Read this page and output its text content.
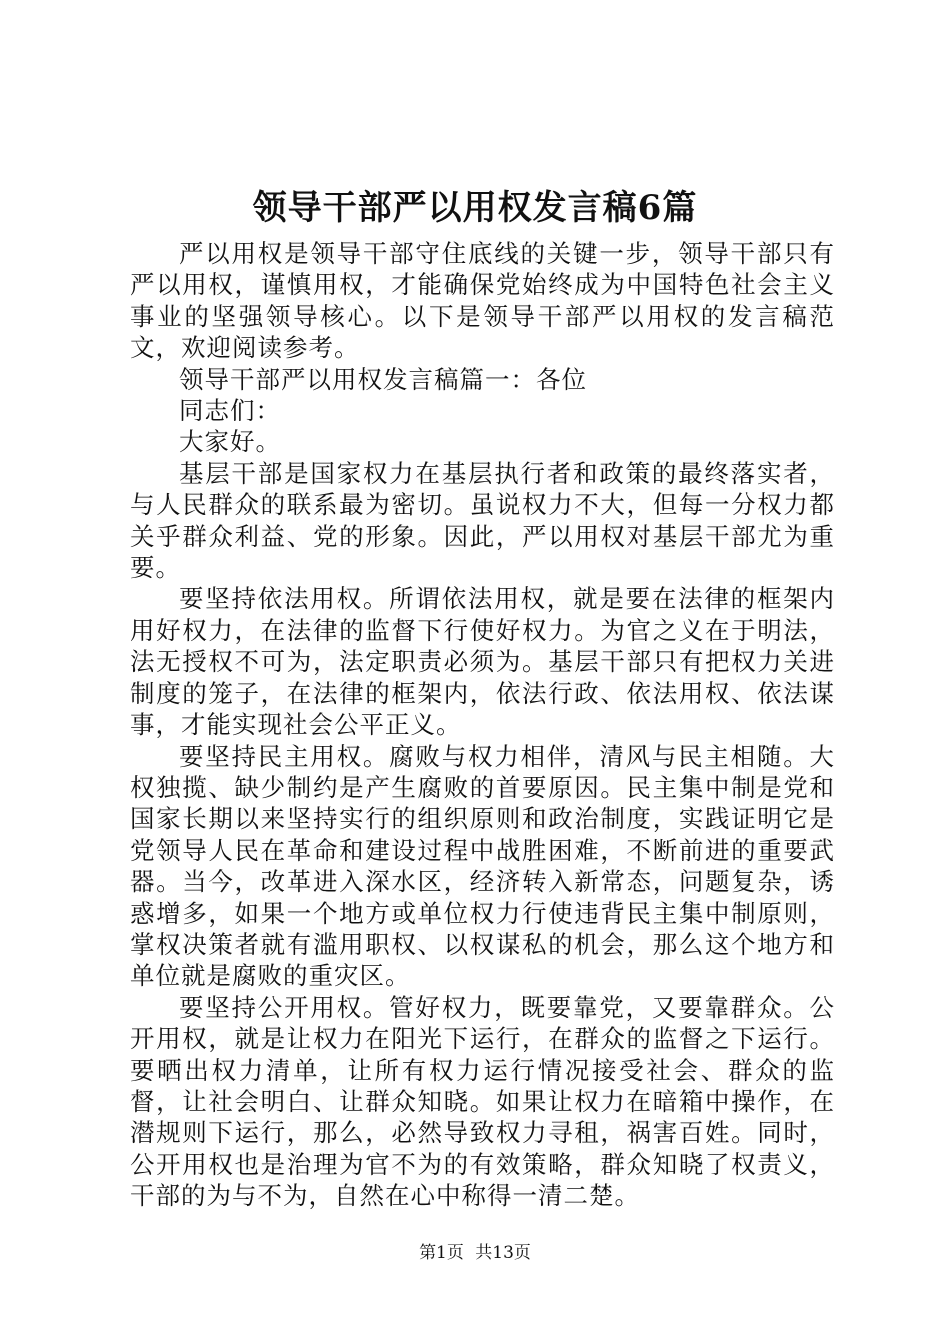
领导干部严以用权发言稿6篇

严以用权是领导干部守住底线的关键一步，领导干部只有严以用权，谨慎用权，才能确保党始终成为中国特色社会主义事业的坚强领导核心。以下是领导干部严以用权的发言稿范文，欢迎阅读参考。

领导干部严以用权发言稿篇一：各位

同志们：

大家好。

基层干部是国家权力在基层执行者和政策的最终落实者，与人民群众的联系最为密切。虽说权力不大，但每一分权力都关乎群众利益、党的形象。因此，严以用权对基层干部尤为重要。

要坚持依法用权。所谓依法用权，就是要在法律的框架内用好权力，在法律的监督下行使好权力。为官之义在于明法，法无授权不可为，法定职责必须为。基层干部只有把权力关进制度的笼子，在法律的框架内，依法行政、依法用权、依法谋事，才能实现社会公平正义。

要坚持民主用权。腐败与权力相伴，清风与民主相随。大权独揽、缺少制约是产生腐败的首要原因。民主集中制是党和国家长期以来坚持实行的组织原则和政治制度，实践证明它是党领导人民在革命和建设过程中战胜困难，不断前进的重要武器。当今，改革进入深水区，经济转入新常态，问题复杂，诱惑增多，如果一个地方或单位权力行使违背民主集中制原则，掌权决策者就有滥用职权、以权谋私的机会，那么这个地方和单位就是腐败的重灾区。

要坚持公开用权。管好权力，既要靠党，又要靠群众。公开用权，就是让权力在阳光下运行，在群众的监督之下运行。要晒出权力清单，让所有权力运行情况接受社会、群众的监督，让社会明白、让群众知晓。如果让权力在暗箱中操作，在潜规则下运行，那么，必然导致权力寻租，祸害百姓。同时，公开用权也是治理为官不为的有效策略，群众知晓了权责义，干部的为与不为，自然在心中称得一清二楚。

第1页 共13页
